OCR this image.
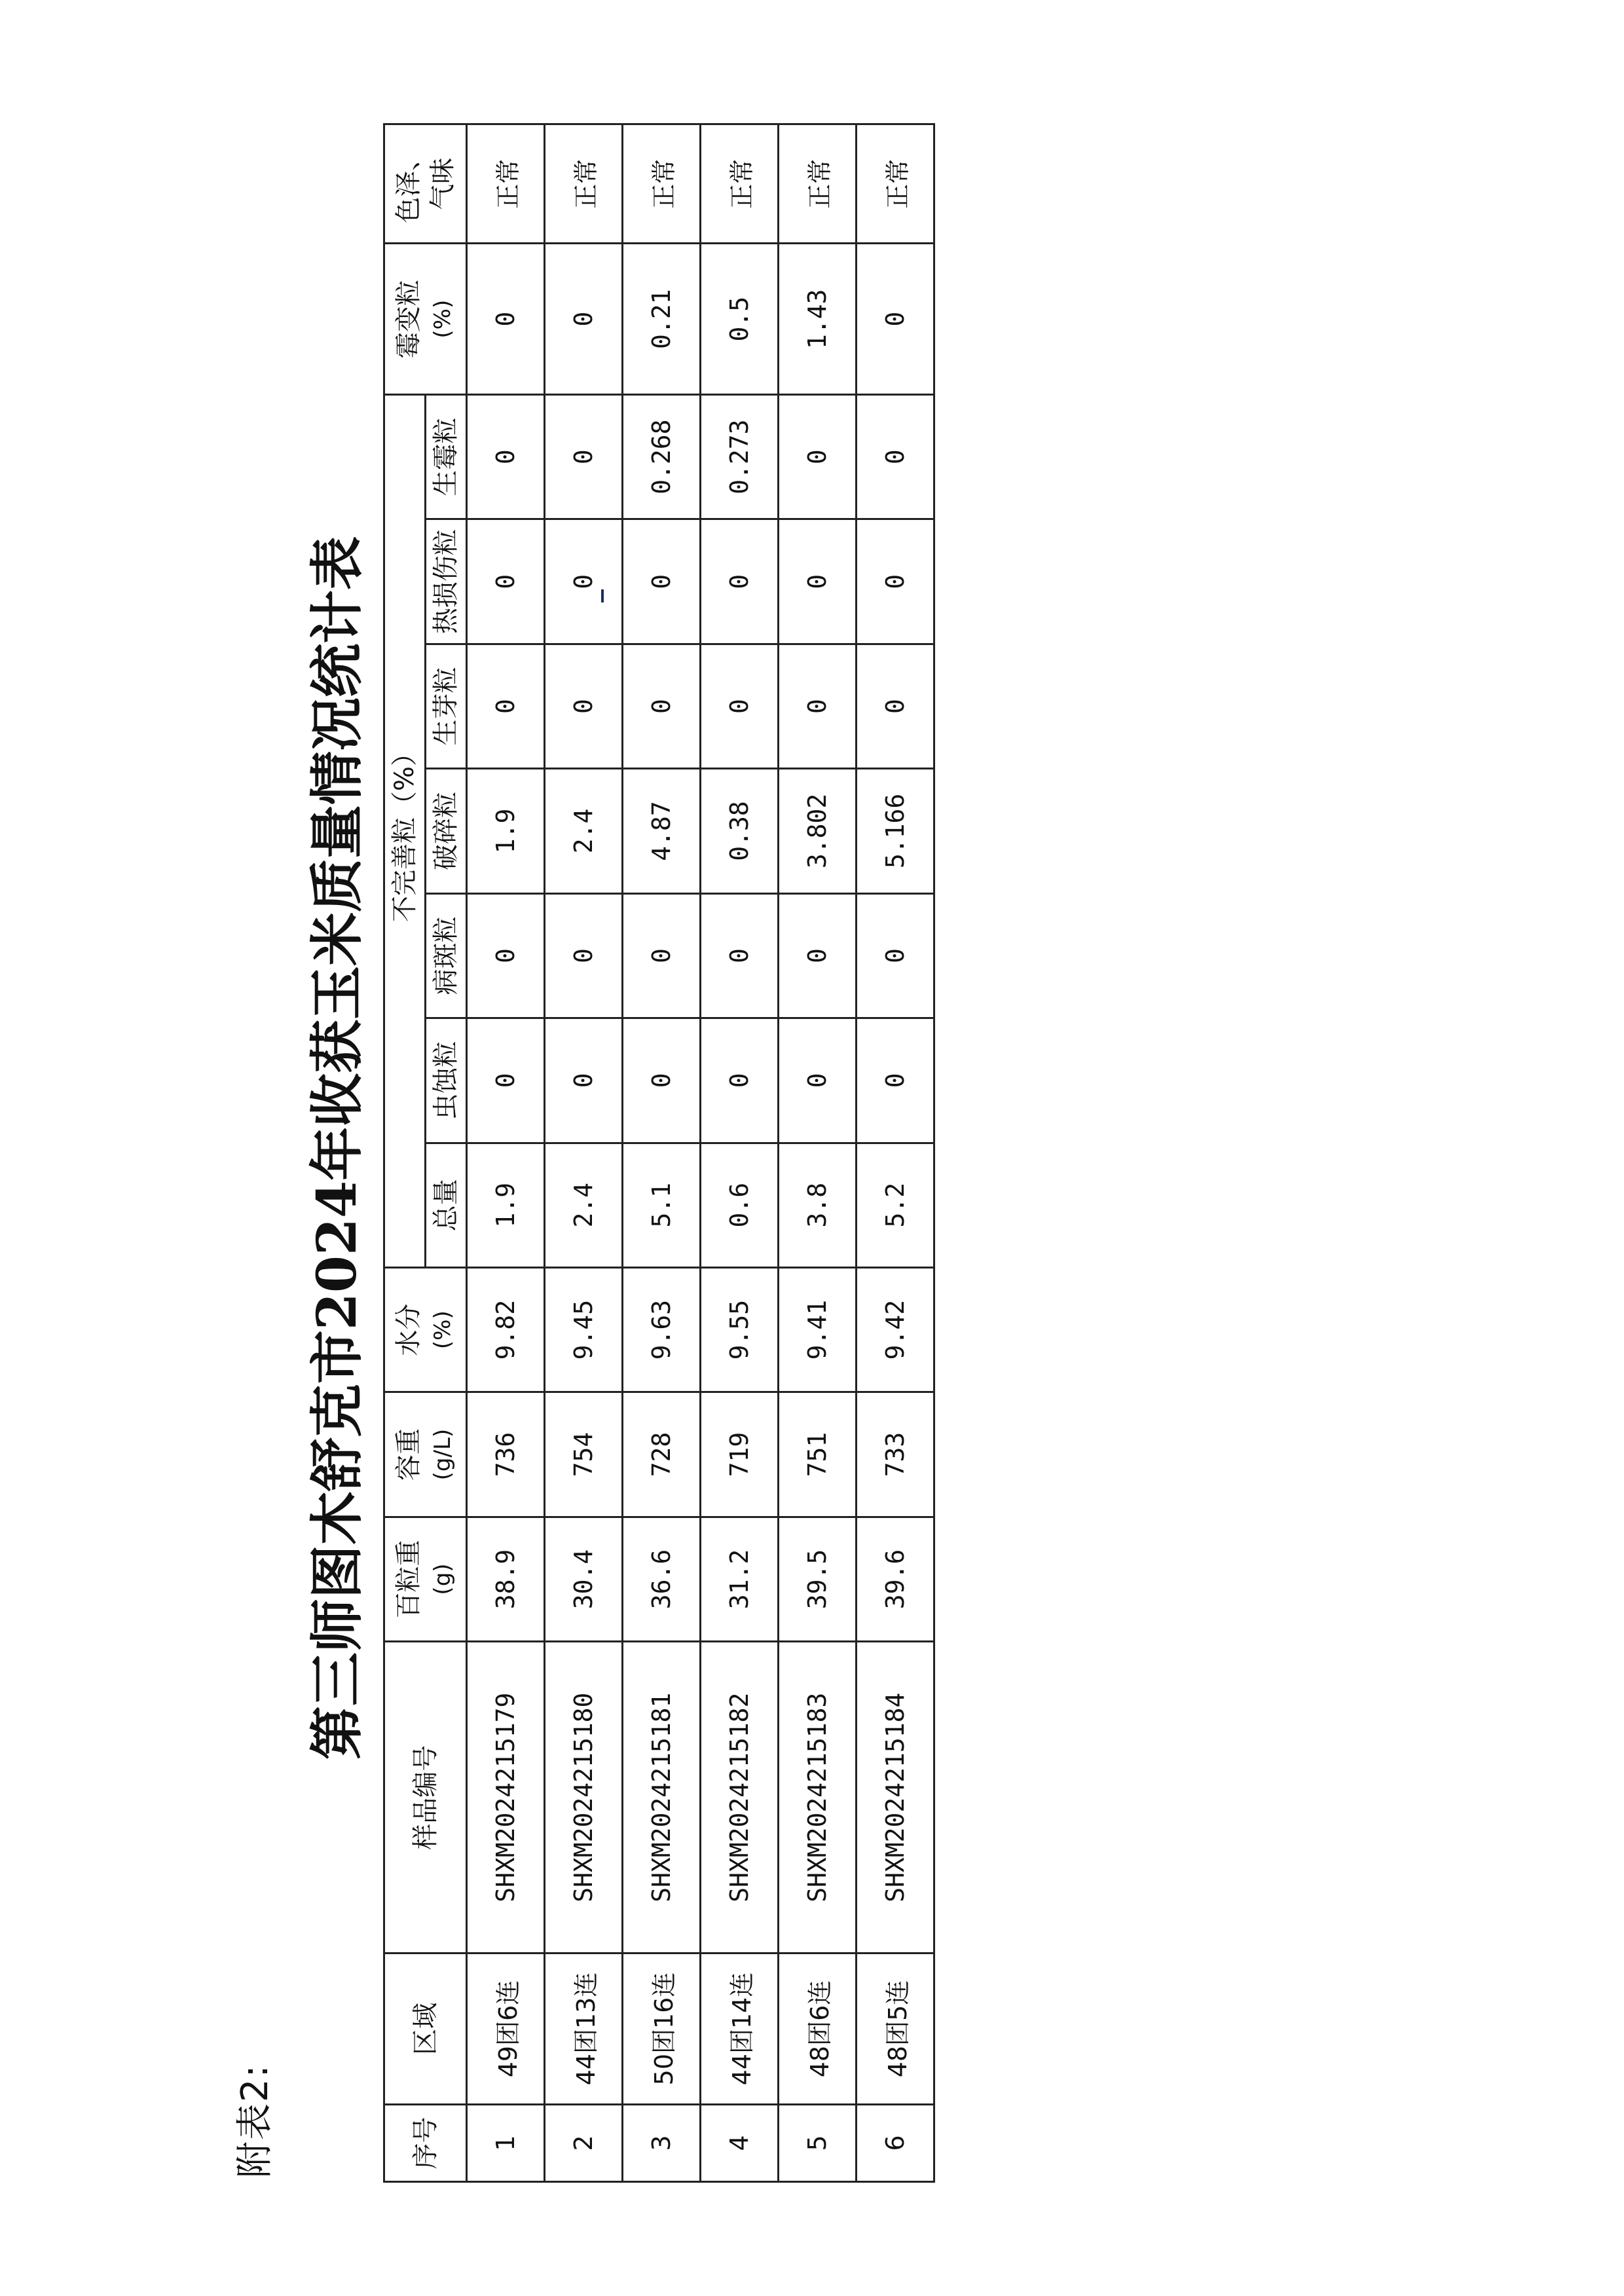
附表2:
第三师图木舒克市2024年收获玉米质量情况统计表
序号	区域	样品编号	百粒重 (g)	容重 (g/L)	水分 (%)	不完善粒（%）							霉变粒 (%)	色泽、 气味
						总量	虫蚀粒	病斑粒	破碎粒	生芽粒	热损伤粒	生霉粒		
1	49团6连	SHXM2024215179	38.9	736	9.82	1.9	0	0	1.9	0	0	0	0	正常
2	44团13连	SHXM2024215180	30.4	754	9.45	2.4	0	0	2.4	0	0	0	0	正常
3	50团16连	SHXM2024215181	36.6	728	9.63	5.1	0	0	4.87	0	0	0.268	0.21	正常
4	44团14连	SHXM2024215182	31.2	719	9.55	0.6	0	0	0.38	0	0	0.273	0.5	正常
5	48团6连	SHXM2024215183	39.5	751	9.41	3.8	0	0	3.802	0	0	0	1.43	正常
6	48团5连	SHXM2024215184	39.6	733	9.42	5.2	0	0	5.166	0	0	0	0	正常
